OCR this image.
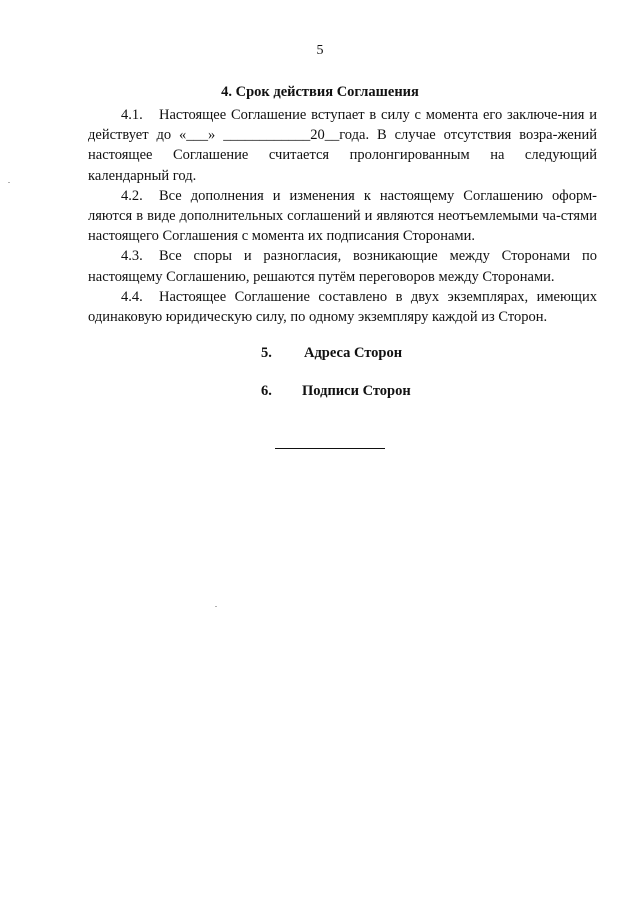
5
4. Срок действия Соглашения

4.1. Настоящее Соглашение вступает в силу с момента его заключе-ния и действует до «___» ____________20__года. В случае отсутствия возра-жений настоящее Соглашение считается пролонгированным на следующий календарный год.

4.2. Все дополнения и изменения к настоящему Соглашению оформ-ляются в виде дополнительных соглашений и являются неотъемлемыми ча-стями настоящего Соглашения с момента их подписания Сторонами.

4.3. Все споры и разногласия, возникающие между Сторонами по настоящему Соглашению, решаются путём переговоров между Сторонами.

4.4. Настоящее Соглашение составлено в двух экземплярах, имеющих одинаковую юридическую силу, по одному экземпляру каждой из Сторон.

5. Адреса Сторон
6. Подписи Сторон
